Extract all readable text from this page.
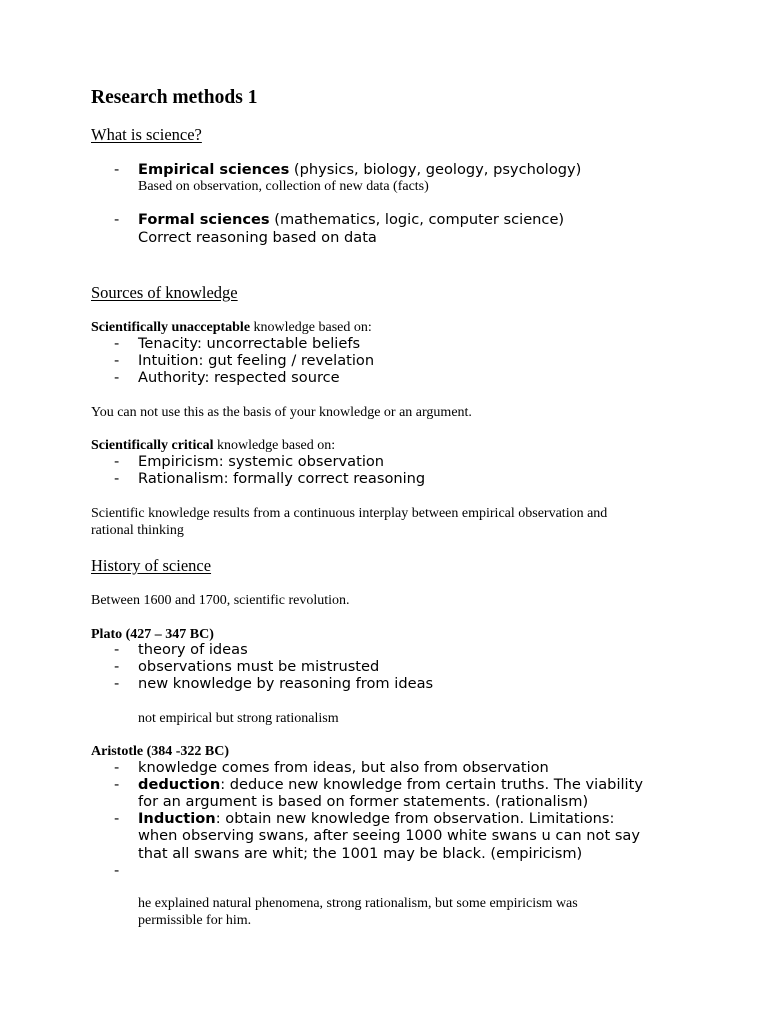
Research methods 1
What is science?
- Empirical sciences (physics, biology, geology, psychology)
Based on observation, collection of new data (facts)
- Formal sciences (mathematics, logic, computer science)
Correct reasoning based on data
Sources of knowledge
Scientifically unacceptable knowledge based on:
- Tenacity: uncorrectable beliefs
- Intuition: gut feeling / revelation
- Authority: respected source
You can not use this as the basis of your knowledge or an argument.
Scientifically critical knowledge based on:
- Empiricism: systemic observation
- Rationalism: formally correct reasoning
Scientific knowledge results from a continuous interplay between empirical observation and
rational thinking
History of science
Between 1600 and 1700, scientific revolution.
Plato (427 – 347 BC)
- theory of ideas
- observations must be mistrusted
- new knowledge by reasoning from ideas
not empirical but strong rationalism
Aristotle (384 -322 BC)
- knowledge comes from ideas, but also from observation
- deduction: deduce new knowledge from certain truths. The viability
for an argument is based on former statements. (rationalism)
- Induction: obtain new knowledge from observation. Limitations:
when observing swans, after seeing 1000 white swans u can not say
that all swans are whit; the 1001 may be black. (empiricism)
-
he explained natural phenomena, strong rationalism, but some empiricism was
permissible for him.
